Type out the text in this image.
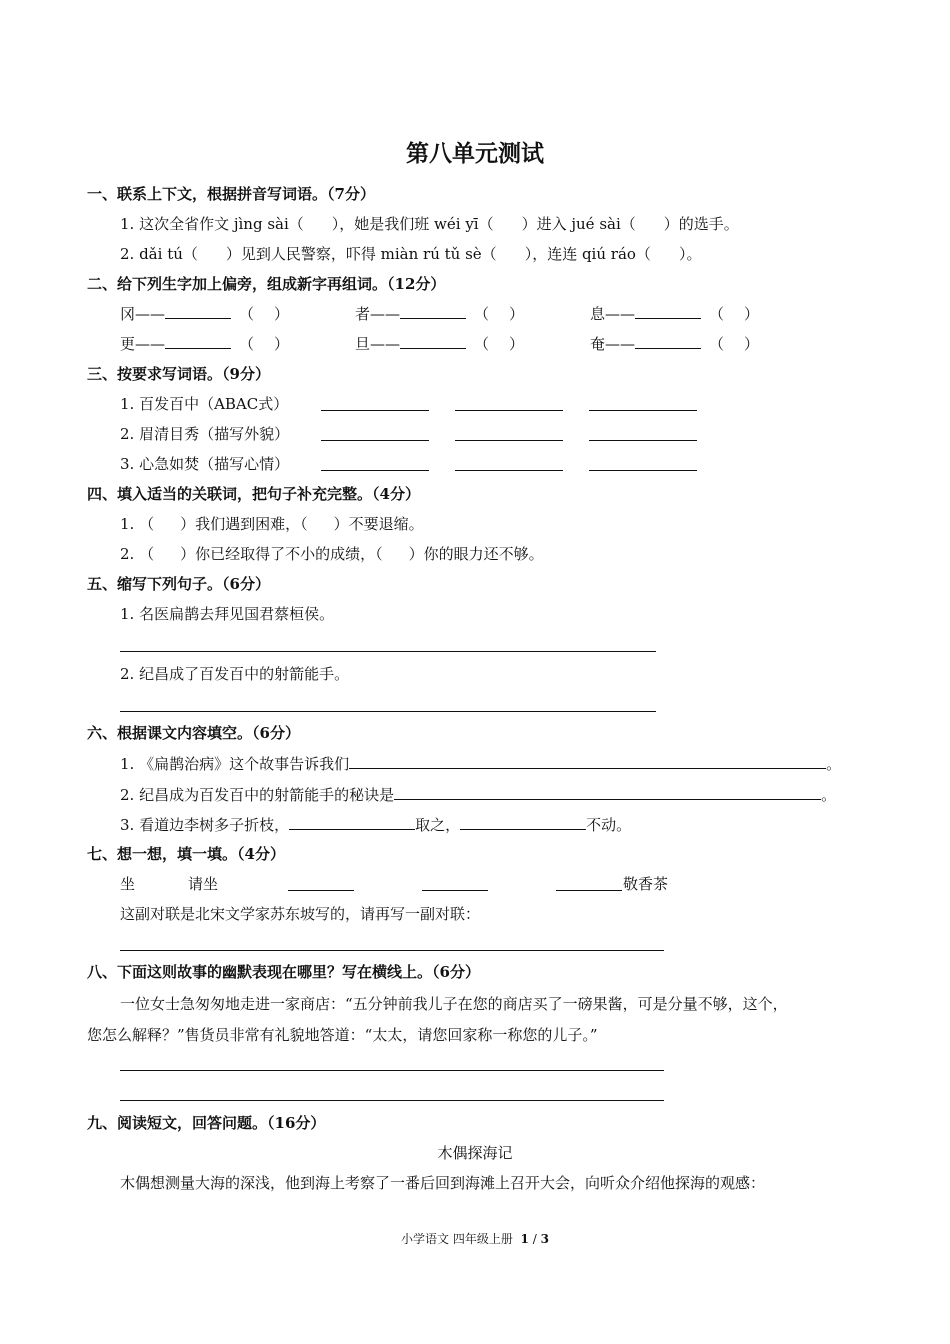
第八单元测试
一、联系上下文，根据拼音写词语。（7分）
1. 这次全省作文 jìng sài（ ），她是我们班 wéi yī（ ）进入 jué sài（ ）的选手。
2. dǎi tú（ ）见到人民警察，吓得 miàn rú tǔ sè（ ），连连 qiú ráo（ ）。
二、给下列生字加上偏旁，组成新字再组词。（12分）
冈——	（ ）	者——	（ ）	息——	（ ）
更——	（ ）	旦——	（ ）	奄——	（ ）
三、按要求写词语。（9分）
1. 百发百中（ABAC式）
2. 眉清目秀（描写外貌）
3. 心急如焚（描写心情）
四、填入适当的关联词，把句子补充完整。（4分）
1. （ ）我们遇到困难，（ ）不要退缩。
2. （ ）你已经取得了不小的成绩，（ ）你的眼力还不够。
五、缩写下列句子。（6分）
1. 名医扁鹊去拜见国君蔡桓侯。
2. 纪昌成了百发百中的射箭能手。
六、根据课文内容填空。（6分）
1. 《扁鹊治病》这个故事告诉我们	。
2. 纪昌成为百发百中的射箭能手的秘诀是	。
3. 看道边李树多子折枝，	取之，	不动。
七、想一想，填一填。（4分）
坐	请坐	敬香茶
这副对联是北宋文学家苏东坡写的，请再写一副对联：
八、下面这则故事的幽默表现在哪里？写在横线上。（6分）
一位女士急匆匆地走进一家商店：“五分钟前我儿子在您的商店买了一磅果酱，可是分量不够，这个，
您怎么解释？”售货员非常有礼貌地答道：“太太，请您回家称一称您的儿子。”
九、阅读短文，回答问题。（16分）
木偶探海记
木偶想测量大海的深浅，他到海上考察了一番后回到海滩上召开大会，向听众介绍他探海的观感：
小学语文 四年级上册 1 / 3
